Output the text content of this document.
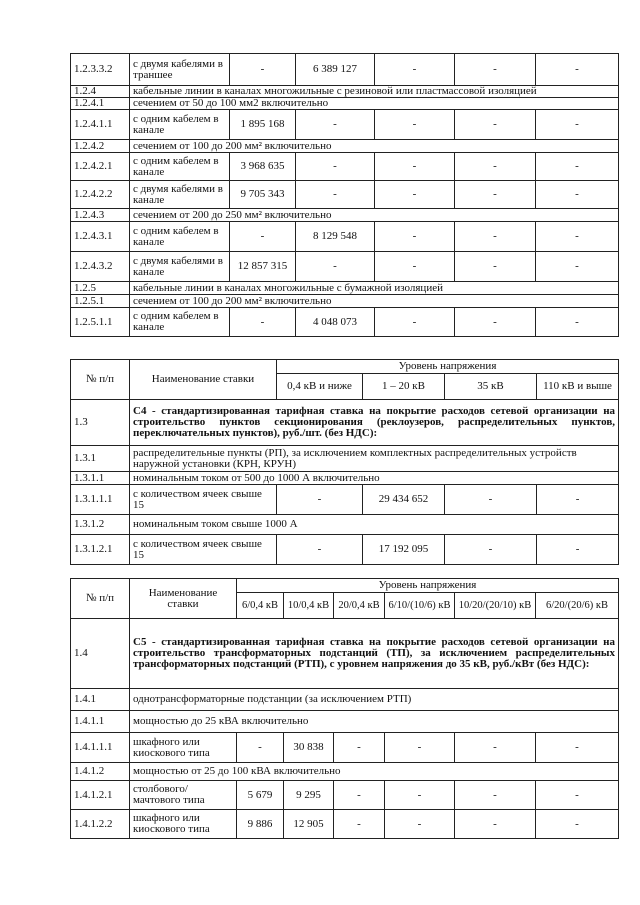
1.2.3.3.2	с двумя кабелями в траншее	-	6 389 127	-	-	-
1.2.4	кабельные линии в каналах многожильные с резиновой или пластмассовой изоляцией					
1.2.4.1	сечением от 50 до 100 мм2 включительно					
1.2.4.1.1	с одним кабелем в канале	1 895 168	-	-	-	-
1.2.4.2	сечением от 100 до 200 мм² включительно					
1.2.4.2.1	с одним кабелем в канале	3 968 635	-	-	-	-
1.2.4.2.2	с двумя кабелями в канале	9 705 343	-	-	-	-
1.2.4.3	сечением от 200 до 250 мм² включительно					
1.2.4.3.1	с одним кабелем в канале	-	8 129 548	-	-	-
1.2.4.3.2	с двумя кабелями в канале	12 857 315	-	-	-	-
1.2.5	кабельные линии в каналах многожильные с бумажной изоляцией					
1.2.5.1	сечением от 100 до 200 мм² включительно					
1.2.5.1.1	с одним кабелем в канале	-	4 048 073	-	-	-
№ п/п	Наименование ставки	Уровень напряжения			
		0,4 кВ и ниже	1 – 20 кВ	35 кВ	110 кВ и выше
1.3	С4 - стандартизированная тарифная ставка на покрытие расходов сетевой организации на строительство пунктов секционирования (реклоузеров, распределительных пунктов, переключательных пунктов), руб./шт. (без НДС):				
1.3.1	распределительные пункты (РП), за исключением комплектных распределительных устройств наружной установки (КРН, КРУН)				
1.3.1.1	номинальным током от 500 до 1000 А включительно				
1.3.1.1.1	с количеством ячеек свыше 15	-	29 434 652	-	-
1.3.1.2	номинальным током свыше 1000 А				
1.3.1.2.1	с количеством ячеек свыше 15	-	17 192 095	-	-
№ п/п	Наименование ставки	Уровень напряжения					
		6/0,4 кВ	10/0,4 кВ	20/0,4 кВ	6/10/(10/6) кВ	10/20/(20/10) кВ	6/20/(20/6) кВ
1.4	С5 - стандартизированная тарифная ставка на покрытие расходов сетевой организации на строительство трансформаторных подстанций (ТП), за исключением распределительных трансформаторных подстанций (РТП), с уровнем напряжения до 35 кВ, руб./кВт (без НДС):						
1.4.1	однотрансформаторные подстанции (за исключением РТП)						
1.4.1.1	мощностью до 25 кВА включительно						
1.4.1.1.1	шкафного или киоскового типа	-	30 838	-	-	-	-
1.4.1.2	мощностью от 25 до 100 кВА включительно						
1.4.1.2.1	столбового/ мачтового типа	5 679	9 295	-	-	-	-
1.4.1.2.2	шкафного или киоскового типа	9 886	12 905	-	-	-	-
